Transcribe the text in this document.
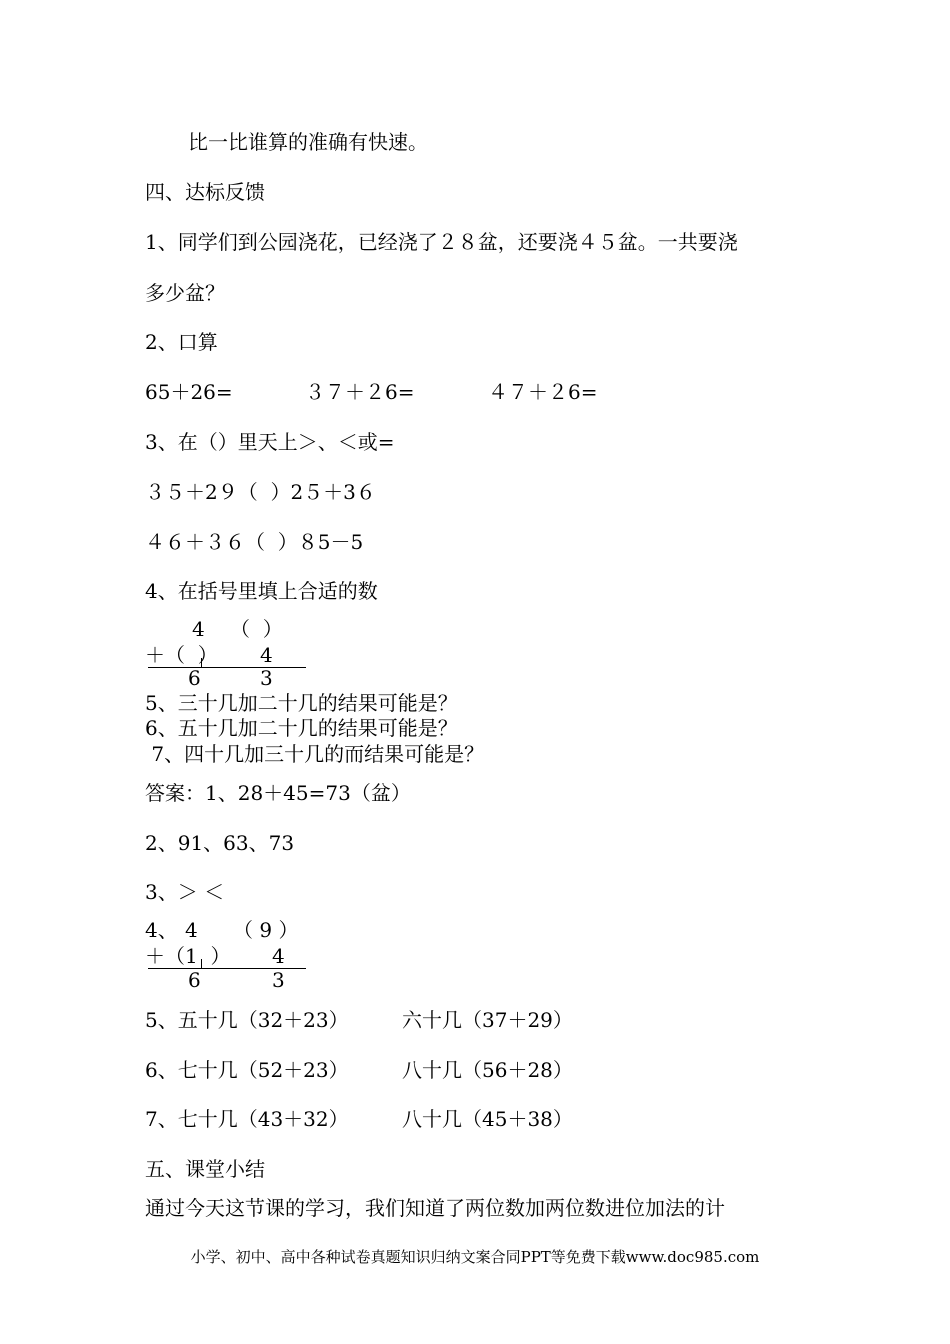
比一比谁算的准确有快速。
四、达标反馈
1、同学们到公园浇花，已经浇了２８盆，还要浇４５盆。一共要浇
多少盆？
2、口算
65＋26=	３７＋２6=	４７＋２6=
3、在（）里天上＞、＜或=
３５＋2９（  ）2５＋3６
４６＋３６（  ）８5－5
4、在括号里填上合适的数
4 （  ）
＋（  ） 4
6	3
5、三十几加二十几的结果可能是？
6、五十几加二十几的结果可能是？
7、四十几加三十几的而结果可能是？
答案：1、28＋45=73（盆）
2、91、63、73
3、＞ ＜
4、 4 （ 9 ）
＋（1  ） 4
6	3
5、五十几（32＋23）	六十几（37＋29）
6、七十几（52＋23）	八十几（56＋28）
7、七十几（43＋32）	八十几（45＋38）
五、课堂小结
通过今天这节课的学习，我们知道了两位数加两位数进位加法的计
小学、初中、高中各种试卷真题知识归纳文案合同PPT等免费下载www.doc985.com
